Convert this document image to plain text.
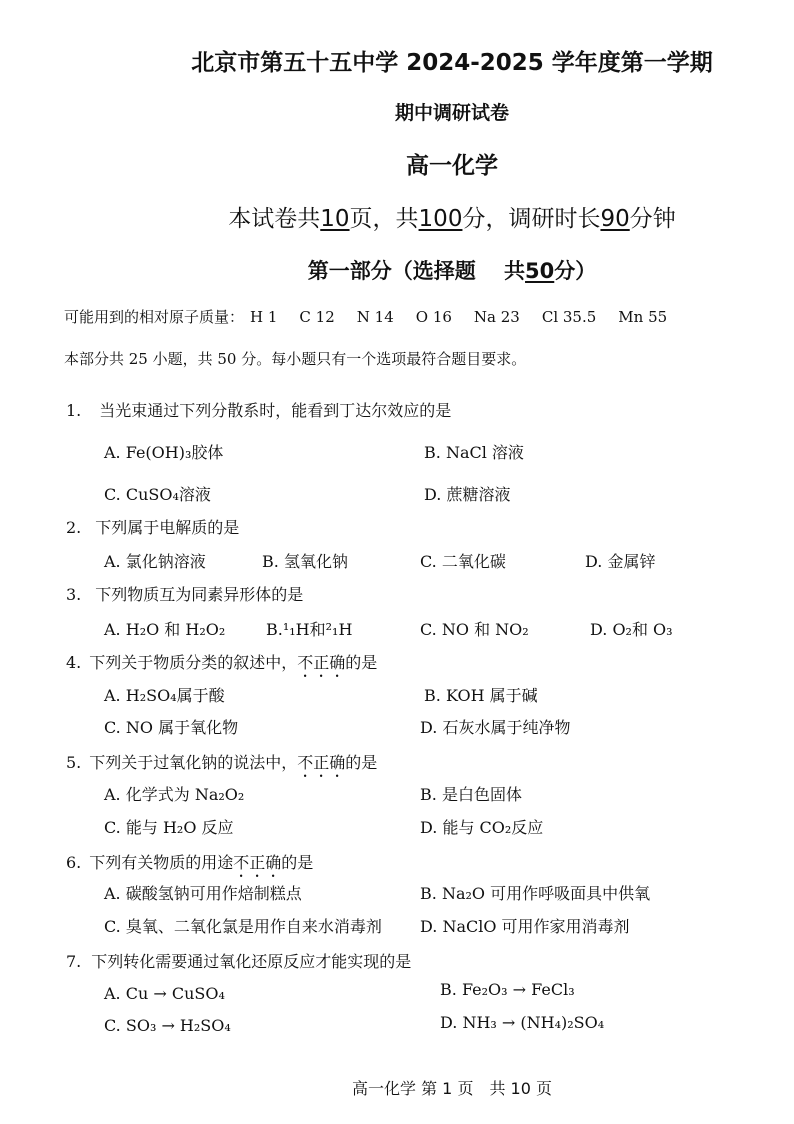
北京市第五十五中学 2024-2025 学年度第一学期
期中调研试卷
高一化学
本试卷共10页，共100分，调研时长90分钟
第一部分（选择题　 共50分）
可能用到的相对原子质量： H 1 C 12 N 14 O 16 Na 23 Cl 35.5 Mn 55
本部分共 25 小题，共 50 分。每小题只有一个选项最符合题目要求。
1. 当光束通过下列分散系时，能看到丁达尔效应的是
A. Fe(OH)₃胶体	B. NaCl 溶液
C. CuSO₄溶液	D. 蔗糖溶液
2. 下列属于电解质的是
A. 氯化钠溶液	B. 氢氧化钠	C. 二氧化碳	D. 金属锌
3. 下列物质互为同素异形体的是
A. H₂O 和 H₂O₂	B.¹₁H和²₁H	C. NO 和 NO₂	D. O₂和 O₃
4. 下列关于物质分类的叙述中，不正确的是
A. H₂SO₄属于酸	B. KOH 属于碱
C. NO 属于氧化物	D. 石灰水属于纯净物
5. 下列关于过氧化钠的说法中，不正确的是
A. 化学式为 Na₂O₂	B. 是白色固体
C. 能与 H₂O 反应	D. 能与 CO₂反应
6. 下列有关物质的用途不正确的是
A. 碳酸氢钠可用作焙制糕点	B. Na₂O 可用作呼吸面具中供氧
C. 臭氧、二氧化氯是用作自来水消毒剂 D. NaClO 可用作家用消毒剂
7. 下列转化需要通过氧化还原反应才能实现的是
A. Cu → CuSO₄	B. Fe₂O₃ → FeCl₃
C. SO₃ → H₂SO₄	D. NH₃ → (NH₄)₂SO₄
高一化学 第 1 页　共 10 页
